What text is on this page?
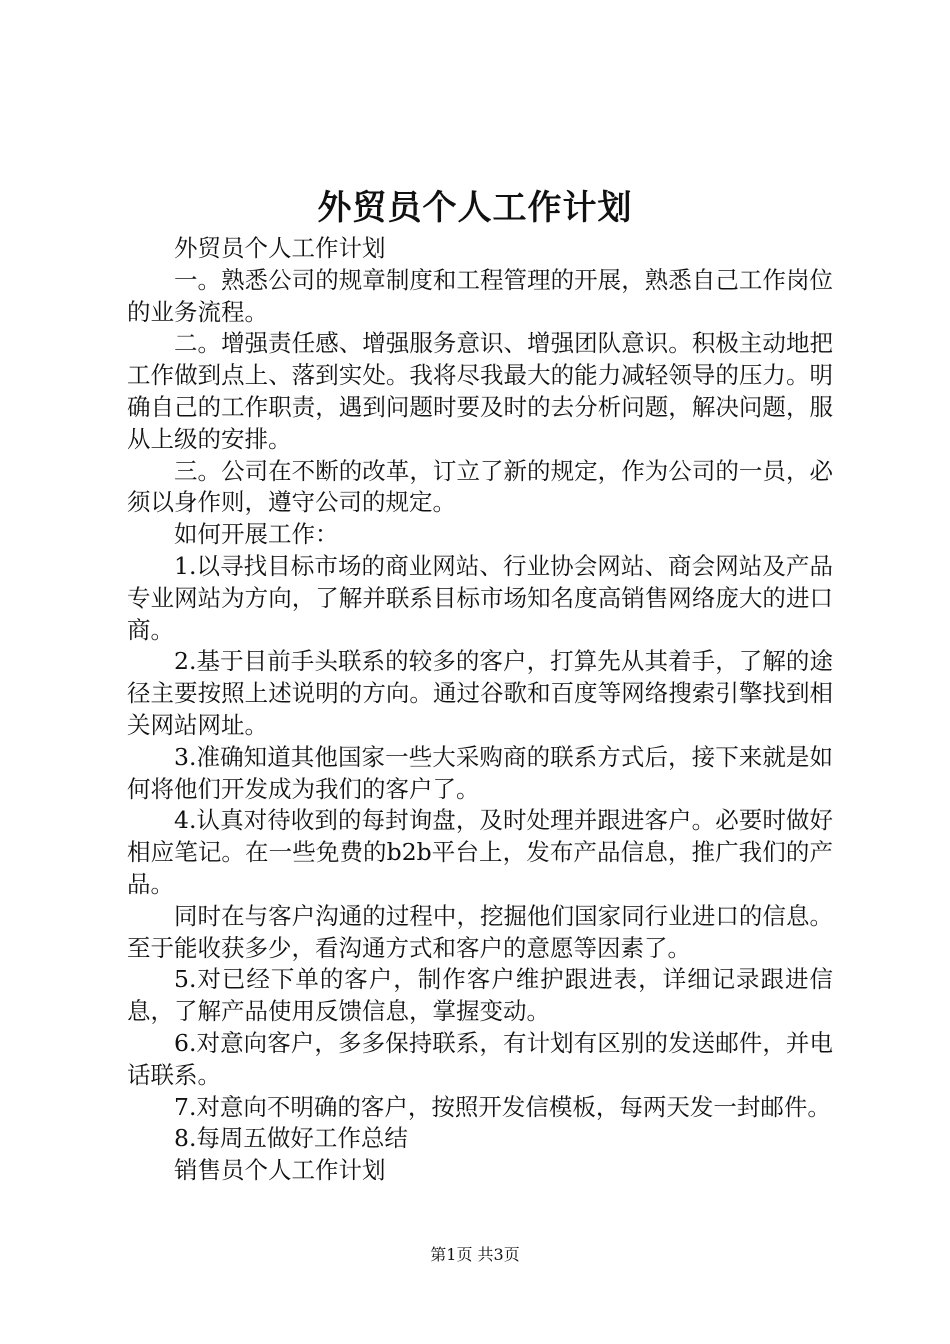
外贸员个人工作计划

外贸员个人工作计划

一。熟悉公司的规章制度和工程管理的开展，熟悉自己工作岗位的业务流程。

二。增强责任感、增强服务意识、增强团队意识。积极主动地把工作做到点上、落到实处。我将尽我最大的能力减轻领导的压力。明确自己的工作职责，遇到问题时要及时的去分析问题，解决问题，服从上级的安排。

三。公司在不断的改革，订立了新的规定，作为公司的一员，必须以身作则，遵守公司的规定。

如何开展工作：

1.以寻找目标市场的商业网站、行业协会网站、商会网站及产品专业网站为方向，了解并联系目标市场知名度高销售网络庞大的进口商。

2.基于目前手头联系的较多的客户，打算先从其着手，了解的途径主要按照上述说明的方向。通过谷歌和百度等网络搜索引擎找到相关网站网址。

3.准确知道其他国家一些大采购商的联系方式后，接下来就是如何将他们开发成为我们的客户了。

4.认真对待收到的每封询盘，及时处理并跟进客户。必要时做好相应笔记。在一些免费的b2b平台上，发布产品信息，推广我们的产品。

同时在与客户沟通的过程中，挖掘他们国家同行业进口的信息。至于能收获多少，看沟通方式和客户的意愿等因素了。

5.对已经下单的客户，制作客户维护跟进表，详细记录跟进信息，了解产品使用反馈信息，掌握变动。

6.对意向客户，多多保持联系，有计划有区别的发送邮件，并电话联系。

7.对意向不明确的客户，按照开发信模板，每两天发一封邮件。

8.每周五做好工作总结

销售员个人工作计划

第1页 共3页
